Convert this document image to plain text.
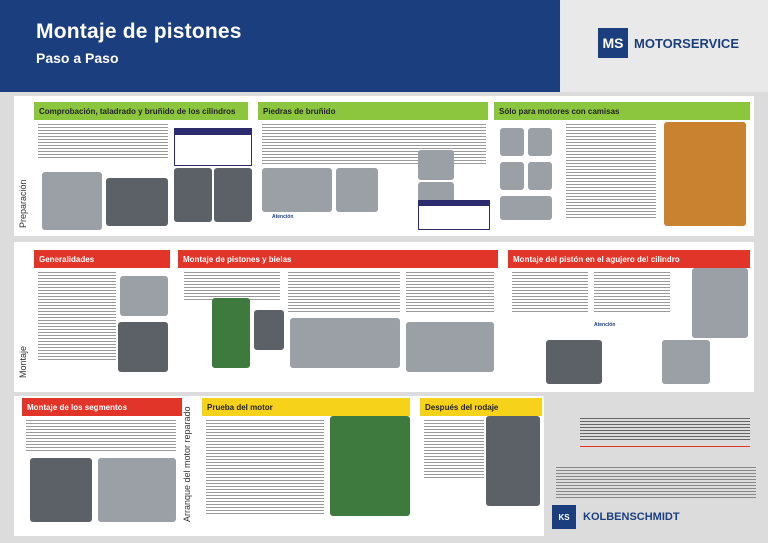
Montaje de pistones
Paso a Paso
MS MOTORSERVICE
Preparación
Comprobación, taladrado y bruñido de los cilindros	Piedras de bruñido
Atención
Sólo para motores con camisas
Montaje
Generalidades	Montaje de pistones y bielas	Montaje del pistón en el agujero del cilindro
Atención
Arranque del motor reparado
Montaje de los segmentos	Prueba del motor	Después del rodaje
KS	KOLBENSCHMIDT
